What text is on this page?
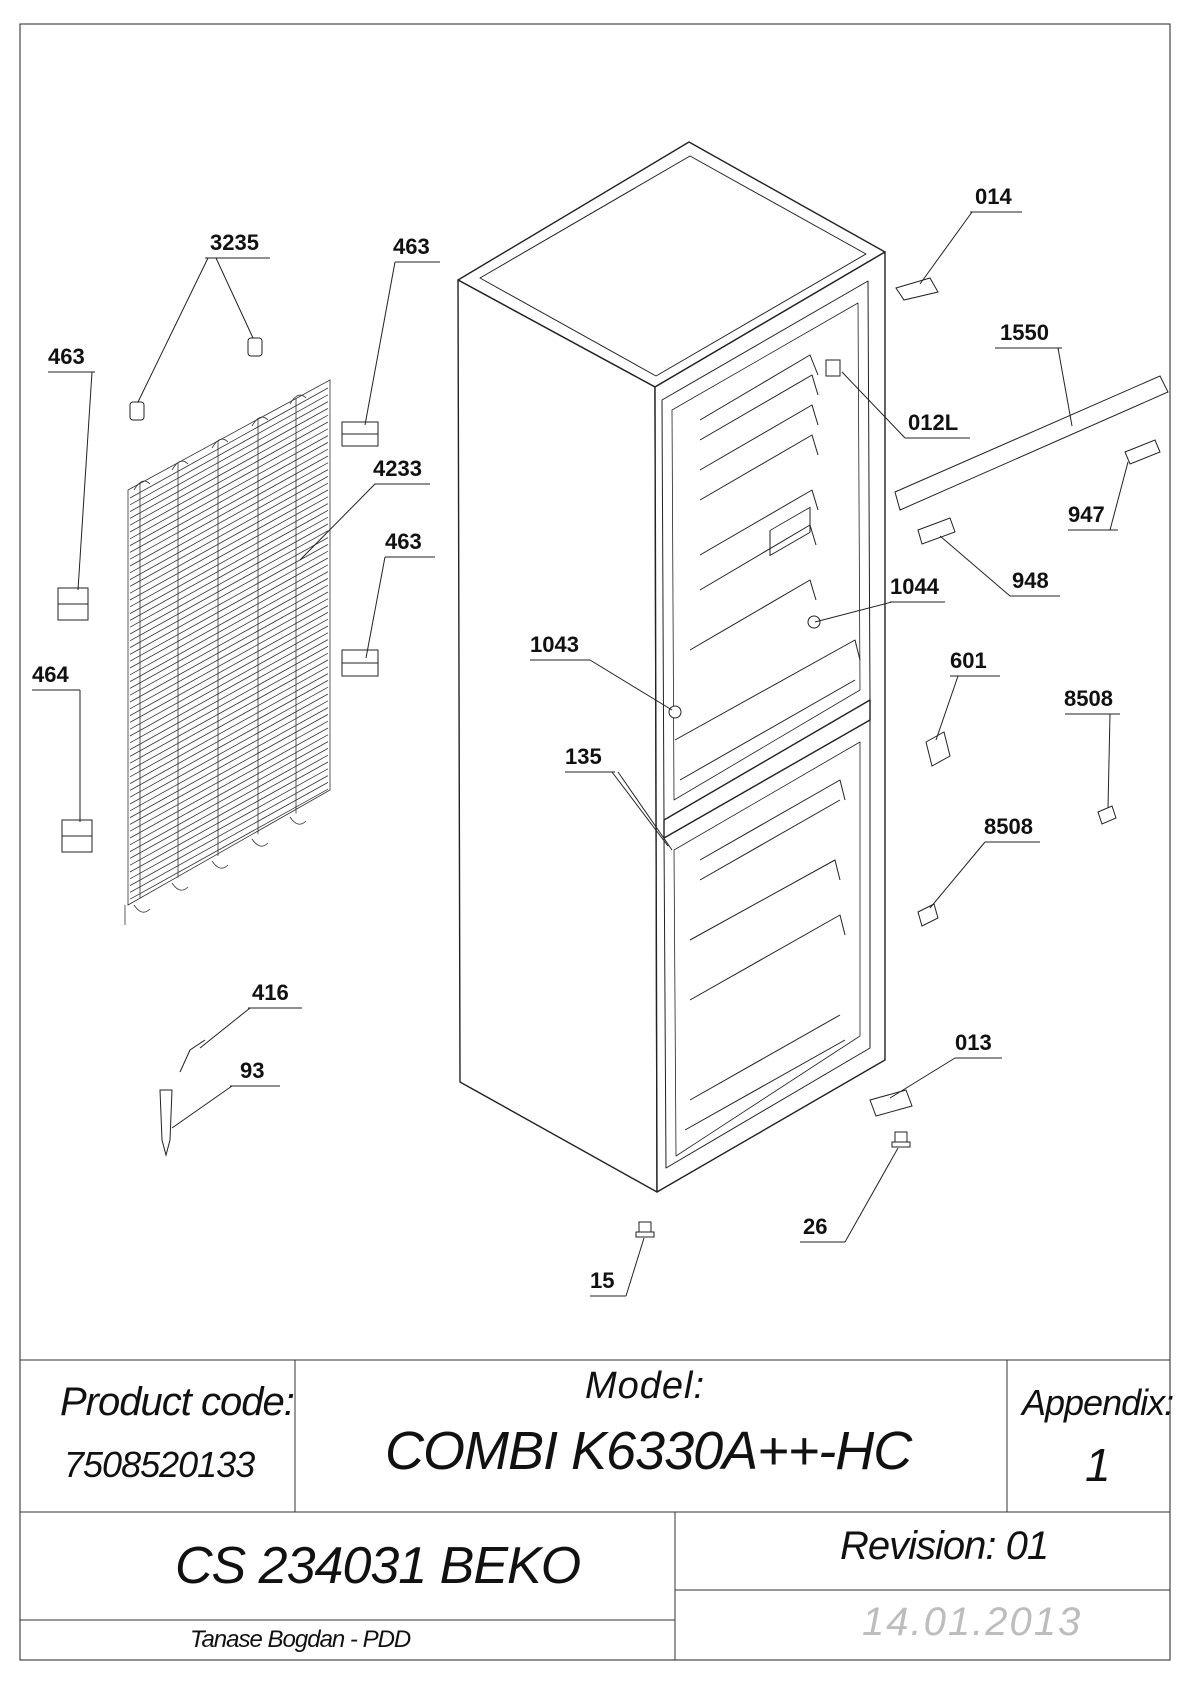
3235	463
463
4233
463
464
416
93
014
1550
012L
947
948
1044
1043
601
8508
135
8508
013
26
15
Product code:
7508520133
Model:
COMBI K6330A++-HC
Appendix:
1
CS 234031 BEKO	Revision: 01
Tanase Bogdan - PDD	14.01.2013
